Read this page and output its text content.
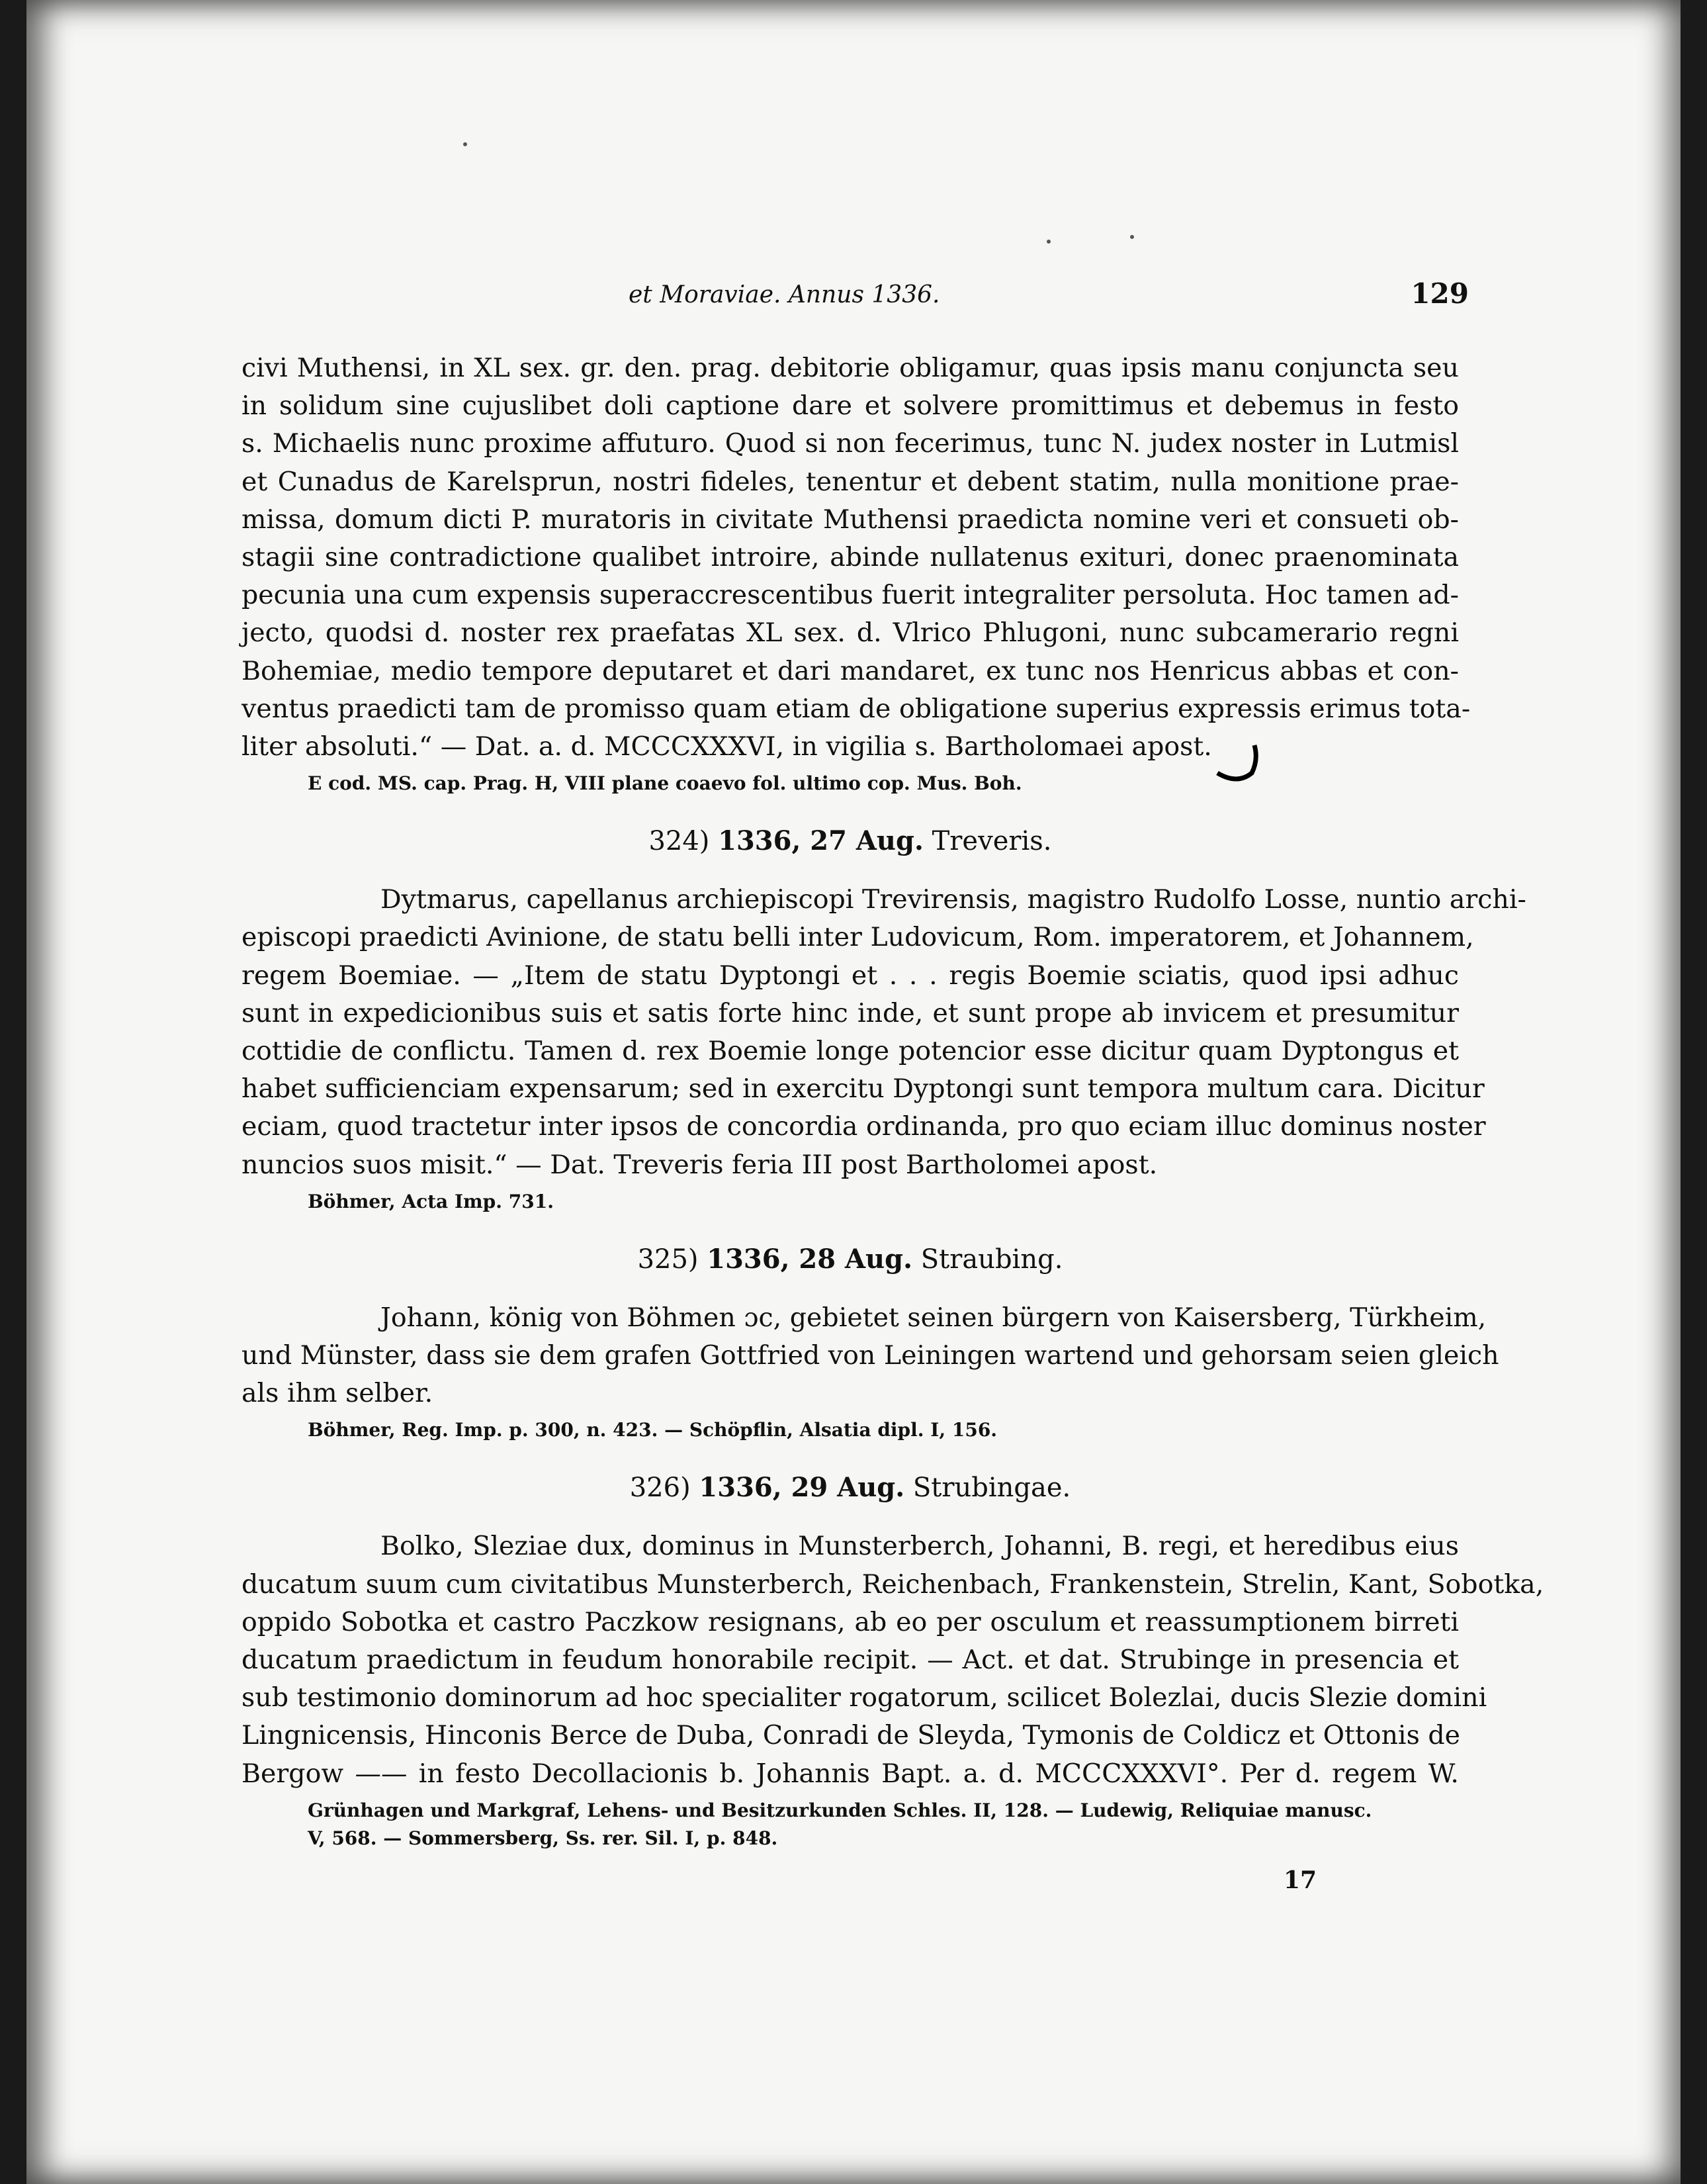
et Moraviae. Annus 1336.	129
civi Muthensi, in XL sex. gr. den. prag. debitorie obligamur, quas ipsis manu conjuncta seu
in solidum sine cujuslibet doli captione dare et solvere promittimus et debemus in festo
s. Michaelis nunc proxime affuturo. Quod si non fecerimus, tunc N. judex noster in Lutmisl
et Cunadus de Karelsprun, nostri fideles, tenentur et debent statim, nulla monitione prae-
missa, domum dicti P. muratoris in civitate Muthensi praedicta nomine veri et consueti ob-
stagii sine contradictione qualibet introire, abinde nullatenus exituri, donec praenominata
pecunia una cum expensis superaccrescentibus fuerit integraliter persoluta. Hoc tamen ad-
jecto, quodsi d. noster rex praefatas XL sex. d. Vlrico Phlugoni, nunc subcamerario regni
Bohemiae, medio tempore deputaret et dari mandaret, ex tunc nos Henricus abbas et con-
ventus praedicti tam de promisso quam etiam de obligatione superius expressis erimus tota-
liter absoluti.“ — Dat. a. d. MCCCXXXVI, in vigilia s. Bartholomaei apost.
E cod. MS. cap. Prag. H, VIII plane coaevo fol. ultimo cop. Mus. Boh.
324) 1336, 27 Aug. Treveris.
Dytmarus, capellanus archiepiscopi Trevirensis, magistro Rudolfo Losse, nuntio archi-
episcopi praedicti Avinione, de statu belli inter Ludovicum, Rom. imperatorem, et Johannem,
regem Boemiae. — „Item de statu Dyptongi et . . . regis Boemie sciatis, quod ipsi adhuc
sunt in expedicionibus suis et satis forte hinc inde, et sunt prope ab invicem et presumitur
cottidie de conflictu. Tamen d. rex Boemie longe potencior esse dicitur quam Dyptongus et
habet sufficienciam expensarum; sed in exercitu Dyptongi sunt tempora multum cara. Dicitur
eciam, quod tractetur inter ipsos de concordia ordinanda, pro quo eciam illuc dominus noster
nuncios suos misit.“ — Dat. Treveris feria III post Bartholomei apost.
Böhmer, Acta Imp. 731.
325) 1336, 28 Aug. Straubing.
Johann, könig von Böhmen ɔc, gebietet seinen bürgern von Kaisersberg, Türkheim,
und Münster, dass sie dem grafen Gottfried von Leiningen wartend und gehorsam seien gleich
als ihm selber.
Böhmer, Reg. Imp. p. 300, n. 423. — Schöpflin, Alsatia dipl. I, 156.
326) 1336, 29 Aug. Strubingae.
Bolko, Sleziae dux, dominus in Munsterberch, Johanni, B. regi, et heredibus eius
ducatum suum cum civitatibus Munsterberch, Reichenbach, Frankenstein, Strelin, Kant, Sobotka,
oppido Sobotka et castro Paczkow resignans, ab eo per osculum et reassumptionem birreti
ducatum praedictum in feudum honorabile recipit. — Act. et dat. Strubinge in presencia et
sub testimonio dominorum ad hoc specialiter rogatorum, scilicet Bolezlai, ducis Slezie domini
Lingnicensis, Hinconis Berce de Duba, Conradi de Sleyda, Tymonis de Coldicz et Ottonis de
Bergow —— in festo Decollacionis b. Johannis Bapt. a. d. MCCCXXXVI°. Per d. regem W.
Grünhagen und Markgraf, Lehens- und Besitzurkunden Schles. II, 128. — Ludewig, Reliquiae manusc.
V, 568. — Sommersberg, Ss. rer. Sil. I, p. 848.
17
